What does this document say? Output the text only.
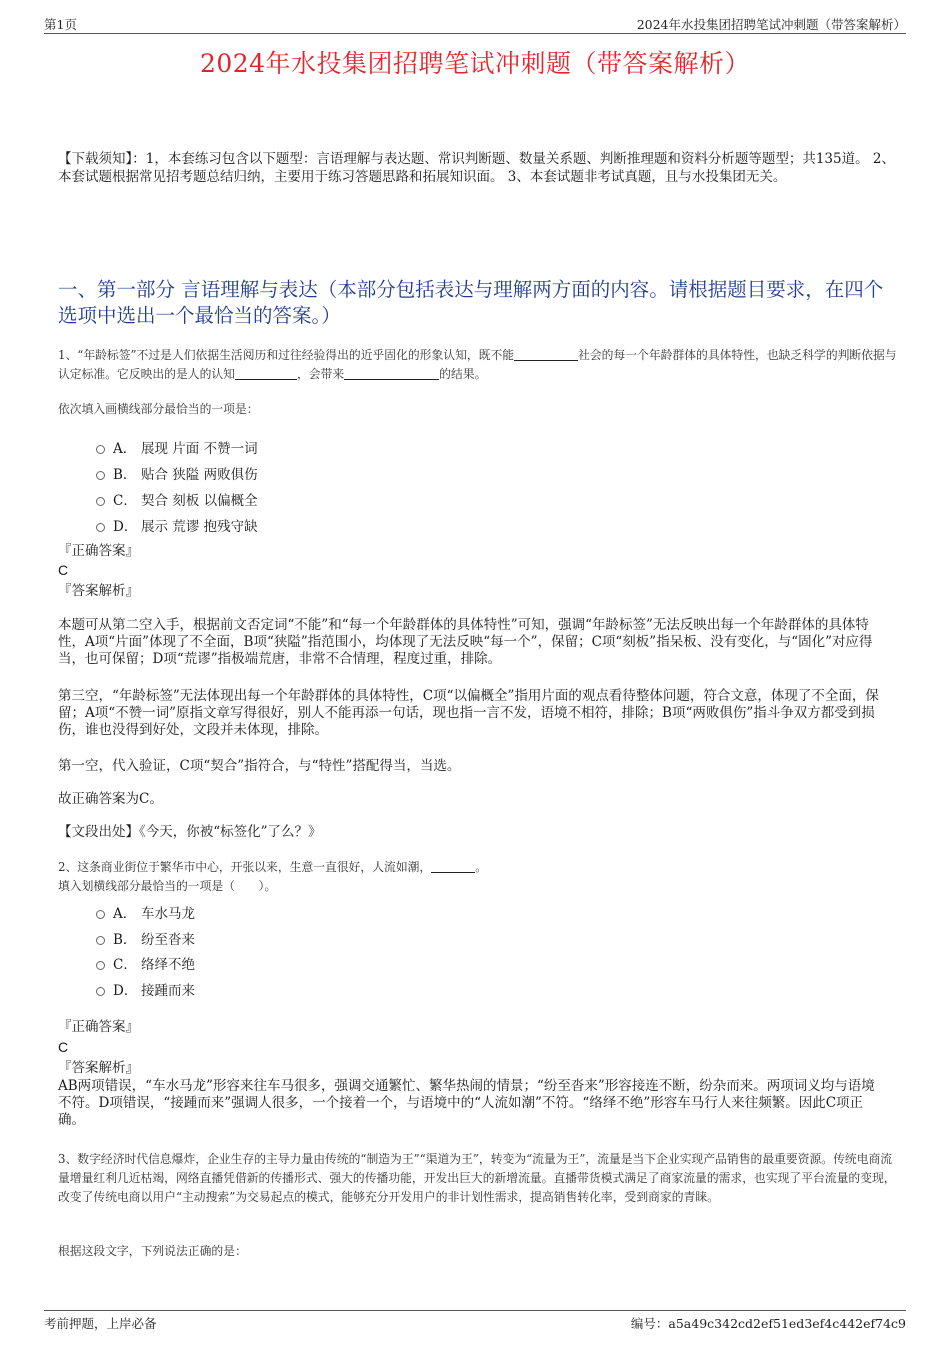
第1页	2024年水投集团招聘笔试冲刺题（带答案解析）
2024年水投集团招聘笔试冲刺题（带答案解析）
【下载须知】：1，本套练习包含以下题型：言语理解与表达题、常识判断题、数量关系题、判断推理题和资料分析题等题型；共135道。 2、本套试题根据常见招考题总结归纳，主要用于练习答题思路和拓展知识面。 3、本套试题非考试真题，且与水投集团无关。
一、第一部分 言语理解与表达（本部分包括表达与理解两方面的内容。请根据题目要求，在四个选项中选出一个最恰当的答案。）
1、“年龄标签”不过是人们依据生活阅历和过往经验得出的近乎固化的形象认知，既不能	社会的每一个年龄群体的具体特性，也缺乏科学的判断依据与认定标准。它反映出的是人的认知	，会带来	的结果。
依次填入画横线部分最恰当的一项是：
A． 展现 片面 不赞一词
B． 贴合 狭隘 两败俱伤
C． 契合 刻板 以偏概全
D． 展示 荒谬 抱残守缺
『正确答案』
C
『答案解析』
本题可从第二空入手，根据前文否定词“不能”和“每一个年龄群体的具体特性”可知，强调“年龄标签”无法反映出每一个年龄群体的具体特性，A项“片面”体现了不全面，B项“狭隘”指范围小，均体现了无法反映“每一个”，保留；C项“刻板”指呆板、没有变化，与“固化”对应得当，也可保留；D项“荒谬”指极端荒唐，非常不合情理，程度过重，排除。
第三空，“年龄标签”无法体现出每一个年龄群体的具体特性，C项“以偏概全”指用片面的观点看待整体问题，符合文意，体现了不全面，保留；A项“不赞一词”原指文章写得很好，别人不能再添一句话，现也指一言不发，语境不相符，排除；B项“两败俱伤”指斗争双方都受到损伤，谁也没得到好处，文段并未体现，排除。
第一空，代入验证，C项“契合”指符合，与“特性”搭配得当，当选。
故正确答案为C。
【文段出处】《今天，你被“标签化”了么？》
2、这条商业街位于繁华市中心，开张以来，生意一直很好，人流如潮，	。
填入划横线部分最恰当的一项是（　　）。
A． 车水马龙
B． 纷至沓来
C． 络绎不绝
D． 接踵而来
『正确答案』
C
『答案解析』
AB两项错误，“车水马龙”形容来往车马很多，强调交通繁忙、繁华热闹的情景；“纷至沓来”形容接连不断，纷杂而来。两项词义均与语境不符。D项错误，“接踵而来”强调人很多，一个接着一个，与语境中的“人流如潮”不符。“络绎不绝”形容车马行人来往频繁。因此C项正确。
3、数字经济时代信息爆炸，企业生存的主导力量由传统的“制造为王”“渠道为王”，转变为“流量为王”，流量是当下企业实现产品销售的最重要资源。传统电商流量增量红利几近枯竭，网络直播凭借新的传播形式、强大的传播功能，开发出巨大的新增流量。直播带货模式满足了商家流量的需求，也实现了平台流量的变现，改变了传统电商以用户“主动搜索”为交易起点的模式，能够充分开发用户的非计划性需求，提高销售转化率，受到商家的青睐。
根据这段文字，下列说法正确的是：
考前押题，上岸必备	编号：a5a49c342cd2ef51ed3ef4c442ef74c9
